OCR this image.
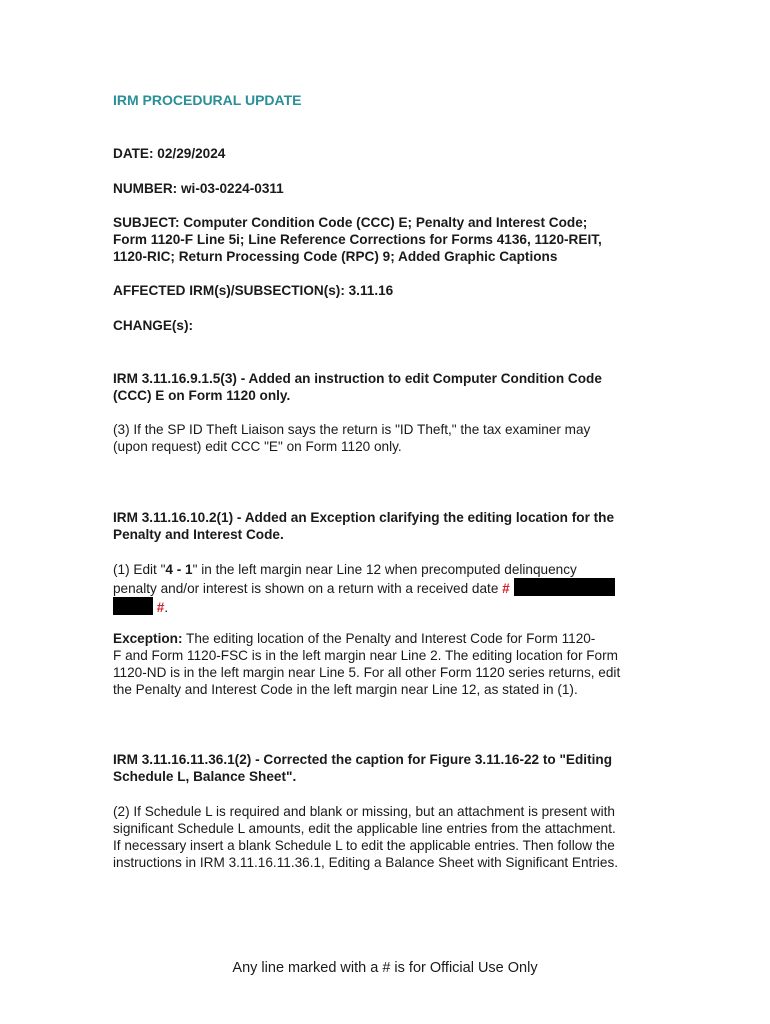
IRM PROCEDURAL UPDATE
DATE: 02/29/2024
NUMBER: wi-03-0224-0311
SUBJECT: Computer Condition Code (CCC) E; Penalty and Interest Code;
Form 1120-F Line 5i; Line Reference Corrections for Forms 4136, 1120-REIT,
1120-RIC; Return Processing Code (RPC) 9; Added Graphic Captions
AFFECTED IRM(s)/SUBSECTION(s): 3.11.16
CHANGE(s):
IRM 3.11.16.9.1.5(3) - Added an instruction to edit Computer Condition Code
(CCC) E on Form 1120 only.
(3) If the SP ID Theft Liaison says the return is "ID Theft," the tax examiner may
(upon request) edit CCC "E" on Form 1120 only.
IRM 3.11.16.10.2(1) - Added an Exception clarifying the editing location for the
Penalty and Interest Code.
(1) Edit "4 - 1" in the left margin near Line 12 when precomputed delinquency
penalty and/or interest is shown on a return with a received date #
#.
Exception: The editing location of the Penalty and Interest Code for Form 1120-
F and Form 1120-FSC is in the left margin near Line 2. The editing location for Form
1120-ND is in the left margin near Line 5. For all other Form 1120 series returns, edit
the Penalty and Interest Code in the left margin near Line 12, as stated in (1).
IRM 3.11.16.11.36.1(2) - Corrected the caption for Figure 3.11.16-22 to "Editing
Schedule L, Balance Sheet".
(2) If Schedule L is required and blank or missing, but an attachment is present with
significant Schedule L amounts, edit the applicable line entries from the attachment.
If necessary insert a blank Schedule L to edit the applicable entries. Then follow the
instructions in IRM 3.11.16.11.36.1, Editing a Balance Sheet with Significant Entries.
Any line marked with a # is for Official Use Only
